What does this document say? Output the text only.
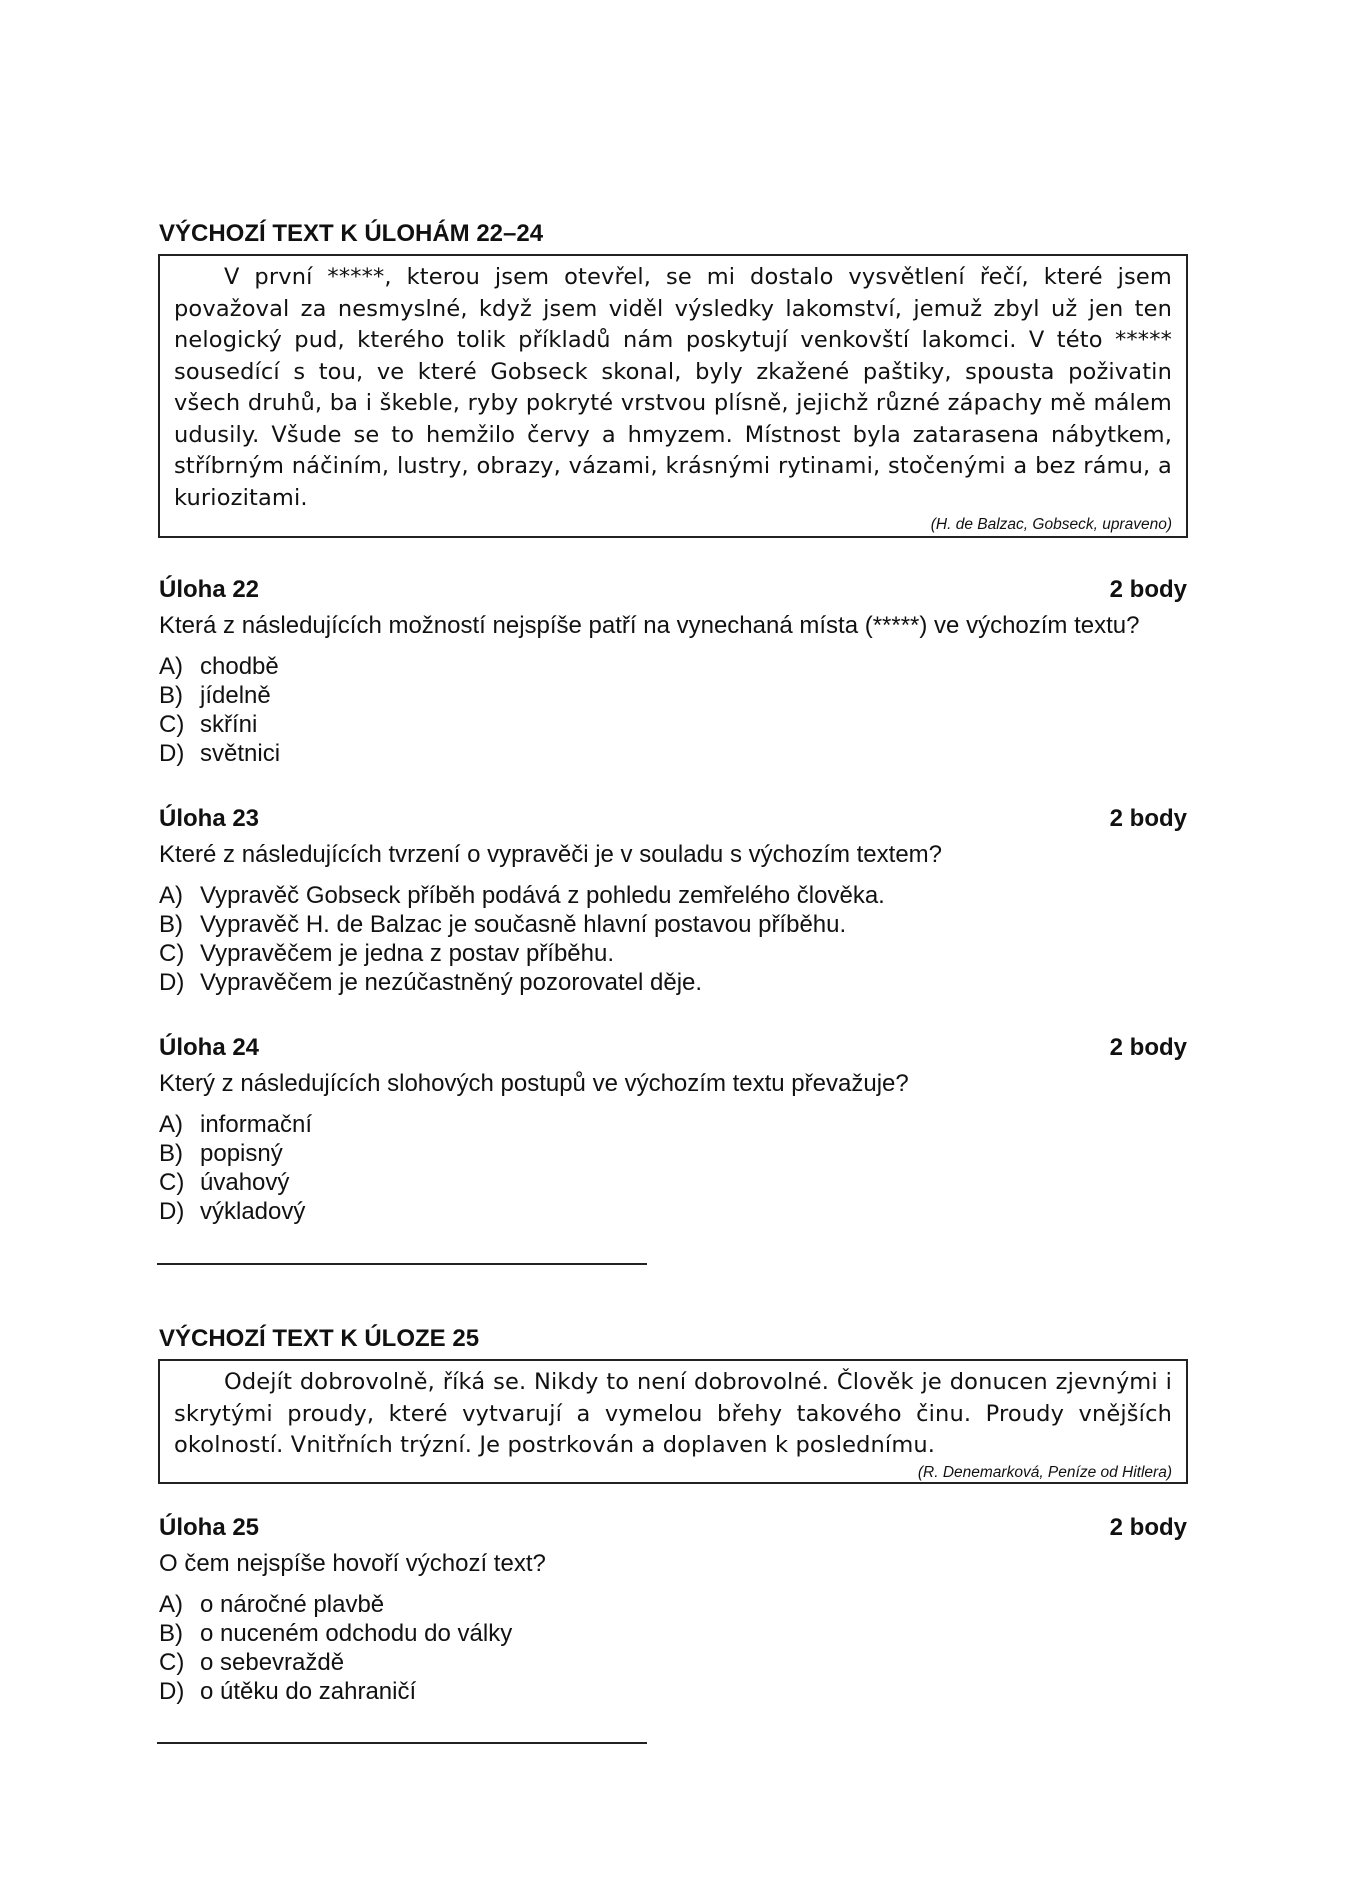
VÝCHOZÍ TEXT K ÚLOHÁM 22–24

V první *****, kterou jsem otevřel, se mi dostalo vysvětlení řečí, které jsem považoval za nesmyslné, když jsem viděl výsledky lakomství, jemuž zbyl už jen ten nelogický pud, kterého tolik příkladů nám poskytují venkovští lakomci. V této ***** sousedící s tou, ve které Gobseck skonal, byly zkažené paštiky, spousta poživatin všech druhů, ba i škeble, ryby pokryté vrstvou plísně, jejichž různé zápachy mě málem udusily. Všude se to hemžilo červy a hmyzem. Místnost byla zatarasena nábytkem, stříbrným náčiním, lustry, obrazy, vázami, krásnými rytinami, stočenými a bez rámu, a kuriozitami.

(H. de Balzac, Gobseck, upraveno)

Úloha 22	2 body
Která z následujících možností nejspíše patří na vynechaná místa (*****) ve výchozím textu?
A) chodbě
B) jídelně
C) skříni
D) světnici
Úloha 23	2 body
Které z následujících tvrzení o vypravěči je v souladu s výchozím textem?
A) Vypravěč Gobseck příběh podává z pohledu zemřelého člověka.
B) Vypravěč H. de Balzac je současně hlavní postavou příběhu.
C) Vypravěčem je jedna z postav příběhu.
D) Vypravěčem je nezúčastněný pozorovatel děje.
Úloha 24	2 body
Který z následujících slohových postupů ve výchozím textu převažuje?
A) informační
B) popisný
C) úvahový
D) výkladový
VÝCHOZÍ TEXT K ÚLOZE 25

Odejít dobrovolně, říká se. Nikdy to není dobrovolné. Člověk je donucen zjevnými i skrytými proudy, které vytvarují a vymelou břehy takového činu. Proudy vnějších okolností. Vnitřních trýzní. Je postrkován a doplaven k poslednímu.

(R. Denemarková, Peníze od Hitlera)

Úloha 25	2 body
O čem nejspíše hovoří výchozí text?
A) o náročné plavbě
B) o nuceném odchodu do války
C) o sebevraždě
D) o útěku do zahraničí
